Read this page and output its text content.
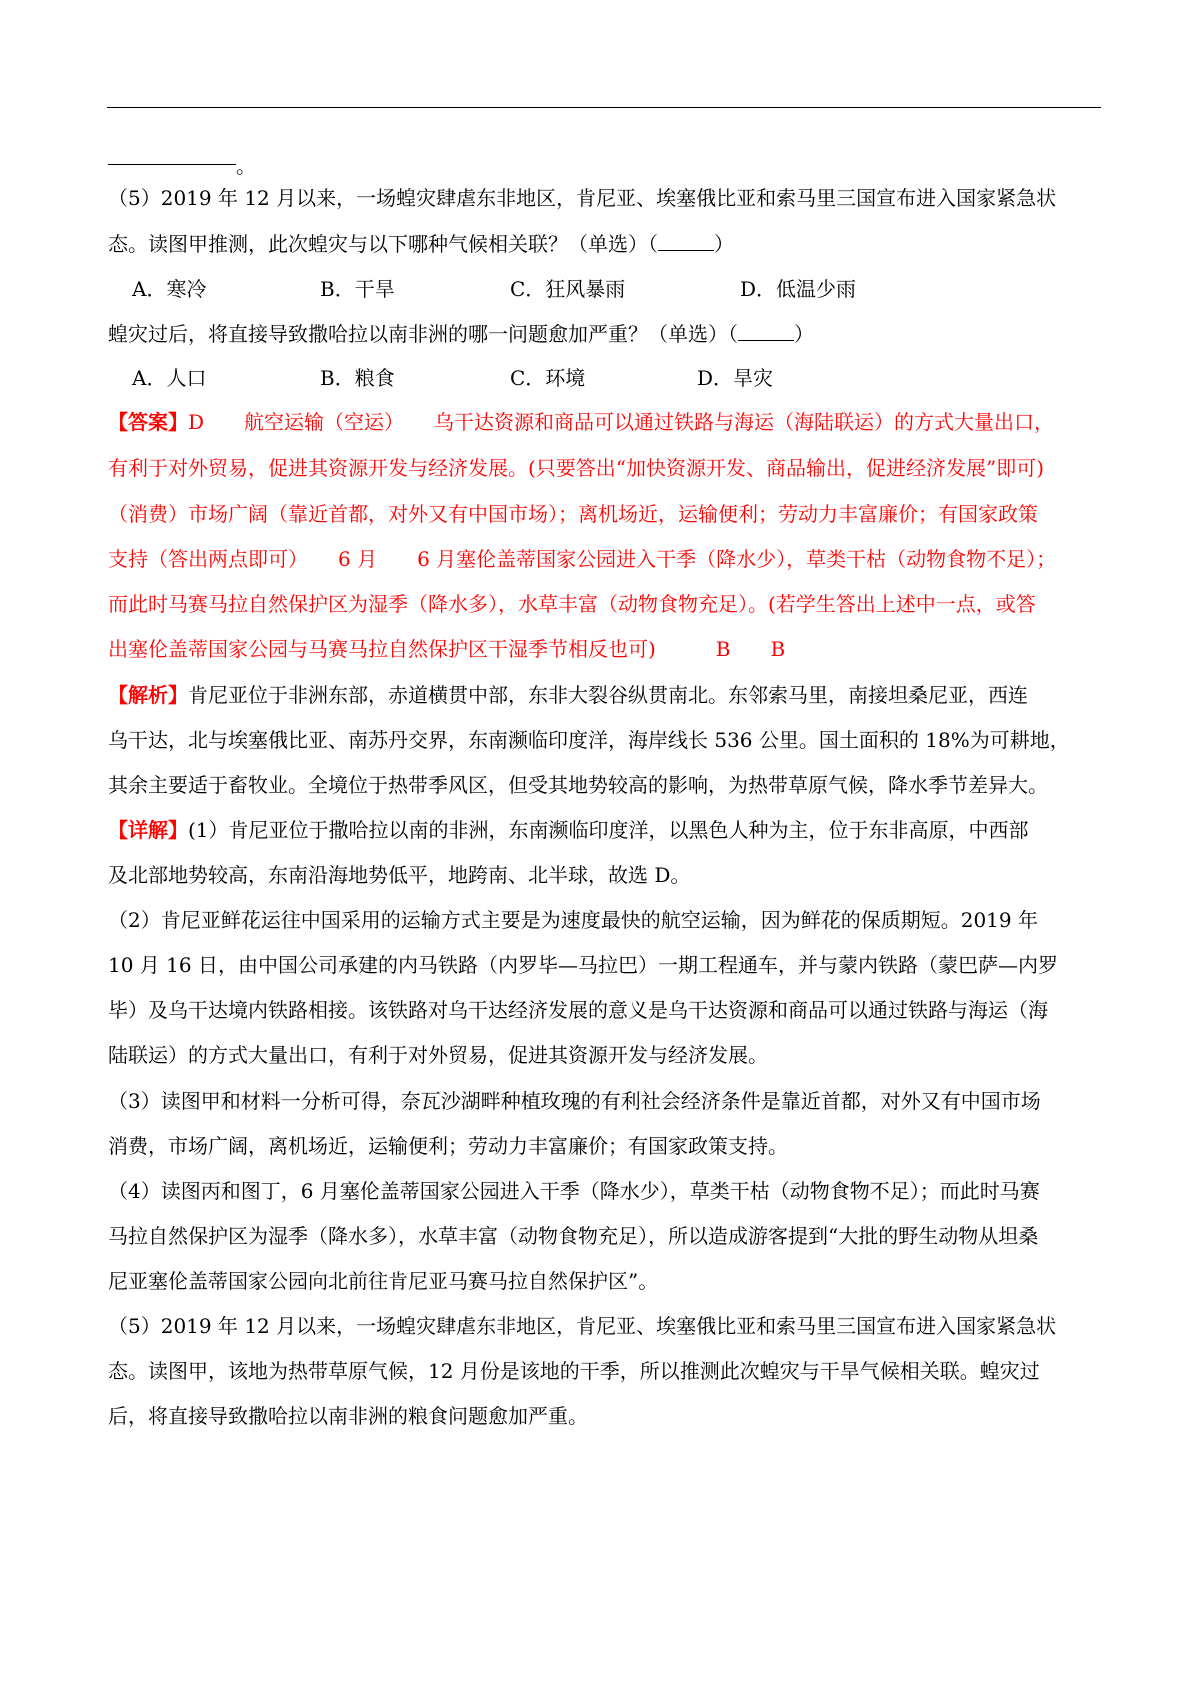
。
（5）2019 年 12 月以来，一场蝗灾肆虐东非地区，肯尼亚、埃塞俄比亚和索马里三国宣布进入国家紧急状
态。读图甲推测，此次蝗灾与以下哪种气候相关联？（单选）（	）
A．寒冷	B．干旱	C．狂风暴雨	D．低温少雨
蝗灾过后，将直接导致撒哈拉以南非洲的哪一问题愈加严重？（单选）（	）
A．人口	B．粮食	C．环境	D．旱灾
【答案】D　　航空运输（空运）　　乌干达资源和商品可以通过铁路与海运（海陆联运）的方式大量出口，
有利于对外贸易，促进其资源开发与经济发展。(只要答出“加快资源开发、商品输出，促进经济发展”即可)
（消费）市场广阔（靠近首都，对外又有中国市场）；离机场近，运输便利；劳动力丰富廉价；有国家政策
支持（答出两点即可）　　6 月　　6 月塞伦盖蒂国家公园进入干季（降水少），草类干枯（动物食物不足）；
而此时马赛马拉自然保护区为湿季（降水多），水草丰富（动物食物充足）。(若学生答出上述中一点，或答
出塞伦盖蒂国家公园与马赛马拉自然保护区干湿季节相反也可)　　　B　　B
【解析】肯尼亚位于非洲东部，赤道横贯中部，东非大裂谷纵贯南北。东邻索马里，南接坦桑尼亚，西连
乌干达，北与埃塞俄比亚、南苏丹交界，东南濒临印度洋，海岸线长 536 公里。国土面积的 18%为可耕地，
其余主要适于畜牧业。全境位于热带季风区，但受其地势较高的影响，为热带草原气候，降水季节差异大。
【详解】(1）肯尼亚位于撒哈拉以南的非洲，东南濒临印度洋，以黑色人种为主，位于东非高原，中西部
及北部地势较高，东南沿海地势低平，地跨南、北半球，故选 D。
（2）肯尼亚鲜花运往中国采用的运输方式主要是为速度最快的航空运输，因为鲜花的保质期短。2019 年
10 月 16 日，由中国公司承建的内马铁路（内罗毕—马拉巴）一期工程通车，并与蒙内铁路（蒙巴萨—内罗
毕）及乌干达境内铁路相接。该铁路对乌干达经济发展的意义是乌干达资源和商品可以通过铁路与海运（海
陆联运）的方式大量出口，有利于对外贸易，促进其资源开发与经济发展。
（3）读图甲和材料一分析可得，奈瓦沙湖畔种植玫瑰的有利社会经济条件是靠近首都，对外又有中国市场
消费，市场广阔，离机场近，运输便利；劳动力丰富廉价；有国家政策支持。
（4）读图丙和图丁，6 月塞伦盖蒂国家公园进入干季（降水少），草类干枯（动物食物不足）；而此时马赛
马拉自然保护区为湿季（降水多），水草丰富（动物食物充足），所以造成游客提到“大批的野生动物从坦桑
尼亚塞伦盖蒂国家公园向北前往肯尼亚马赛马拉自然保护区”。
（5）2019 年 12 月以来，一场蝗灾肆虐东非地区，肯尼亚、埃塞俄比亚和索马里三国宣布进入国家紧急状
态。读图甲，该地为热带草原气候，12 月份是该地的干季，所以推测此次蝗灾与干旱气候相关联。蝗灾过
后，将直接导致撒哈拉以南非洲的粮食问题愈加严重。
